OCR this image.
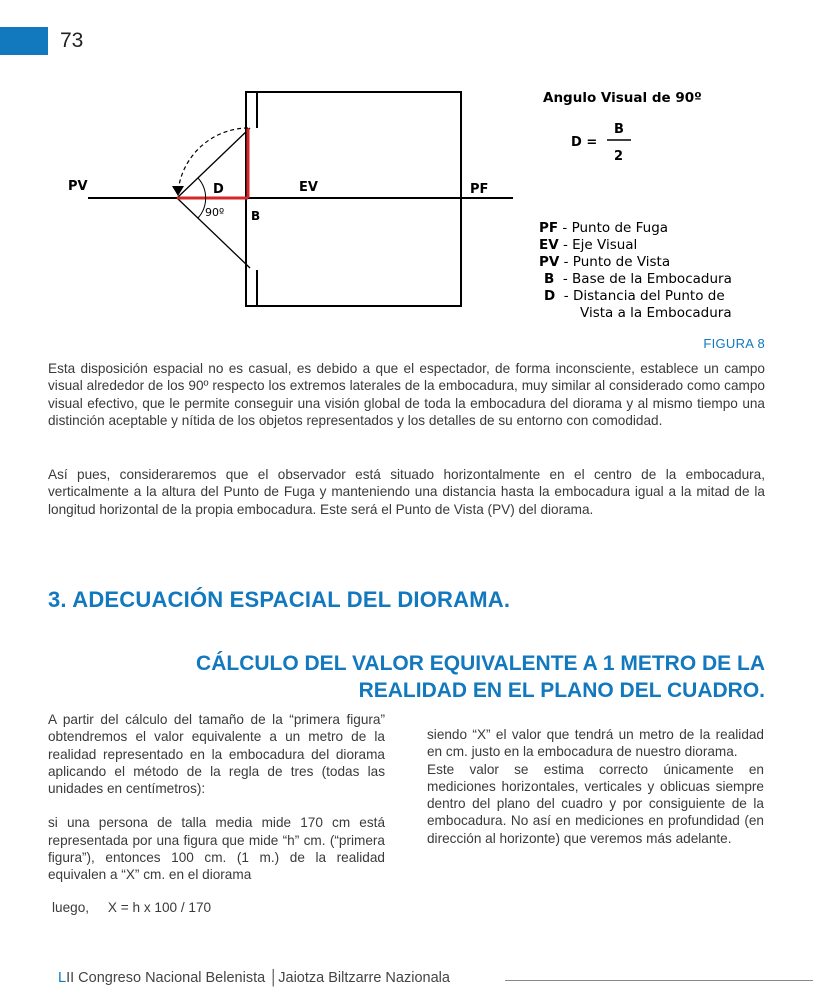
73
PV	D	EV	PF
B
90º
Angulo Visual de 90º
D =
B
2
PF - Punto de Fuga
EV - Eje Visual
PV - Punto de Vista
B  - Base de la Embocadura
D  - Distancia del Punto de
Vista a la Embocadura
FIGURA 8

Esta disposición espacial no es casual, es debido a que el espectador, de forma inconsciente, establece un campo visual alrededor de los 90º respecto los extremos laterales de la embocadura, muy similar al considerado como campo visual efectivo, que le permite conseguir una visión global de toda la embocadura del diorama y al mismo tiempo una distinción aceptable y nítida de los objetos representados y los detalles de su entorno con comodidad.

Así pues, consideraremos que el observador está situado horizontalmente en el centro de la embocadura, verticalmente a la altura del Punto de Fuga y manteniendo una distancia hasta la embocadura igual a la mitad de la longitud horizontal de la propia embocadura. Este será el Punto de Vista (PV) del diorama.

3. ADECUACIÓN ESPACIAL DEL DIORAMA.
CÁLCULO DEL VALOR EQUIVALENTE A 1 METRO DE LA
REALIDAD EN EL PLANO DEL CUADRO.

A partir del cálculo del tamaño de la “primera figura” obtendremos el valor equivalente a un metro de la realidad representado en la embocadura del diorama aplicando el método de la regla de tres (todas las unidades en centímetros):

si una persona de talla media mide 170 cm está representada por una figura que mide “h” cm. (“primera figura”), entonces 100 cm. (1 m.) de la realidad equivalen a “X” cm. en el diorama

luego,     X = h x 100 / 170

siendo “X” el valor que tendrá un metro de la realidad en cm. justo en la embocadura de nuestro diorama.

Este valor se estima correcto únicamente en mediciones horizontales, verticales y oblicuas siempre dentro del plano del cuadro y por consiguiente de la embocadura. No así en mediciones en profundidad (en dirección al horizonte) que veremos más adelante.

LII Congreso Nacional Belenista │Jaiotza Biltzarre Nazionala
